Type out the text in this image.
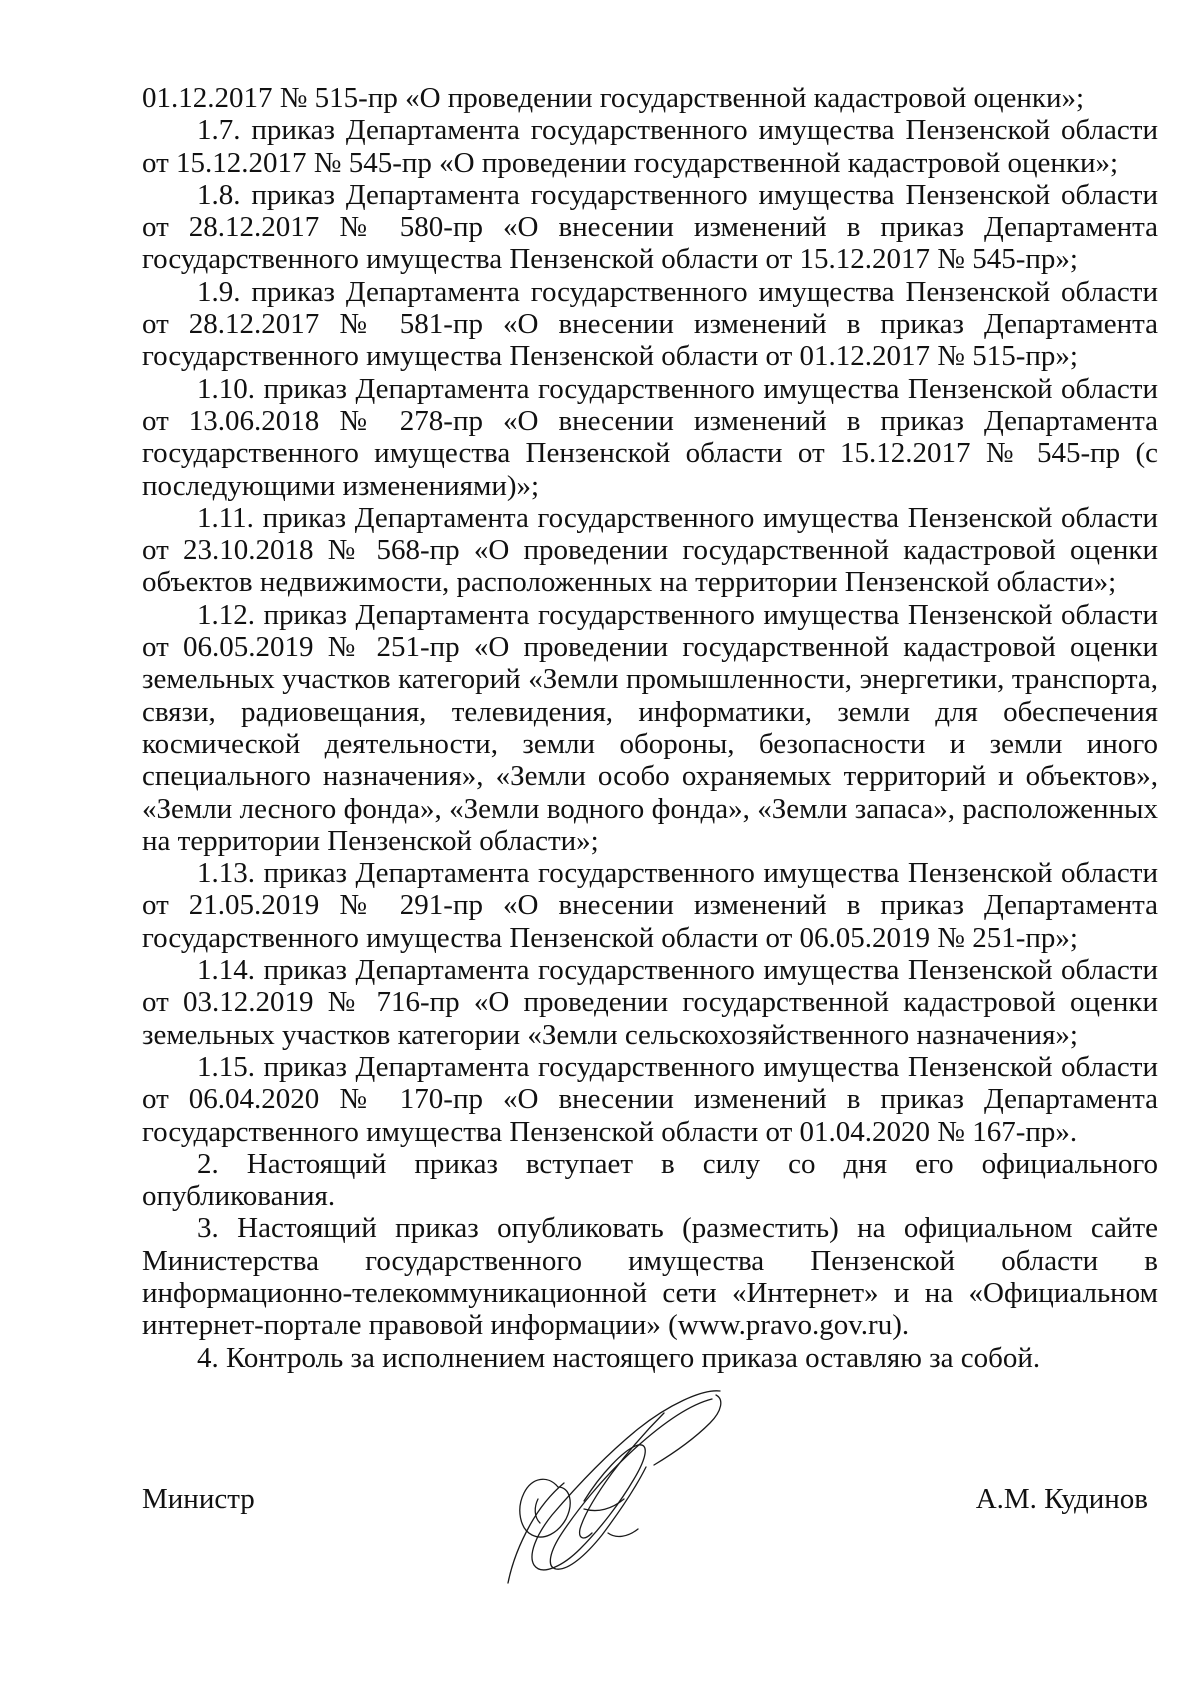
01.12.2017 № 515-пр «О проведении государственной кадастровой оценки»;

1.7. приказ Департамента государственного имущества Пензенской области от 15.12.2017 № 545-пр «О проведении государственной кадастровой оценки»;

1.8. приказ Департамента государственного имущества Пензенской области от 28.12.2017 № 580-пр «О внесении изменений в приказ Департамента государственного имущества Пензенской области от 15.12.2017 № 545-пр»;

1.9. приказ Департамента государственного имущества Пензенской области от 28.12.2017 № 581-пр «О внесении изменений в приказ Департамента государственного имущества Пензенской области от 01.12.2017 № 515-пр»;

1.10. приказ Департамента государственного имущества Пензенской области от 13.06.2018 № 278-пр «О внесении изменений в приказ Департамента государственного имущества Пензенской области от 15.12.2017 № 545-пр (с последующими изменениями)»;

1.11. приказ Департамента государственного имущества Пензенской области от 23.10.2018 № 568-пр «О проведении государственной кадастровой оценки объектов недвижимости, расположенных на территории Пензенской области»;

1.12. приказ Департамента государственного имущества Пензенской области от 06.05.2019 № 251-пр «О проведении государственной кадастровой оценки земельных участков категорий «Земли промышленности, энергетики, транспорта, связи, радиовещания, телевидения, информатики, земли для обеспечения космической деятельности, земли обороны, безопасности и земли иного специального назначения», «Земли особо охраняемых территорий и объектов», «Земли лесного фонда», «Земли водного фонда», «Земли запаса», расположенных на территории Пензенской области»;

1.13. приказ Департамента государственного имущества Пензенской области от 21.05.2019 № 291-пр «О внесении изменений в приказ Департамента государственного имущества Пензенской области от 06.05.2019 № 251-пр»;

1.14. приказ Департамента государственного имущества Пензенской области от 03.12.2019 № 716-пр «О проведении государственной кадастровой оценки земельных участков категории «Земли сельскохозяйственного назначения»;

1.15. приказ Департамента государственного имущества Пензенской области от 06.04.2020 № 170-пр «О внесении изменений в приказ Департамента государственного имущества Пензенской области от 01.04.2020 № 167-пр».

2. Настоящий приказ вступает в силу со дня его официального опубликования.

3. Настоящий приказ опубликовать (разместить) на официальном сайте Министерства государственного имущества Пензенской области в информационно-телекоммуникационной сети «Интернет» и на «Официальном интернет-портале правовой информации» (www.pravo.gov.ru).

4. Контроль за исполнением настоящего приказа оставляю за собой.

Министр	А.М. Кудинов
